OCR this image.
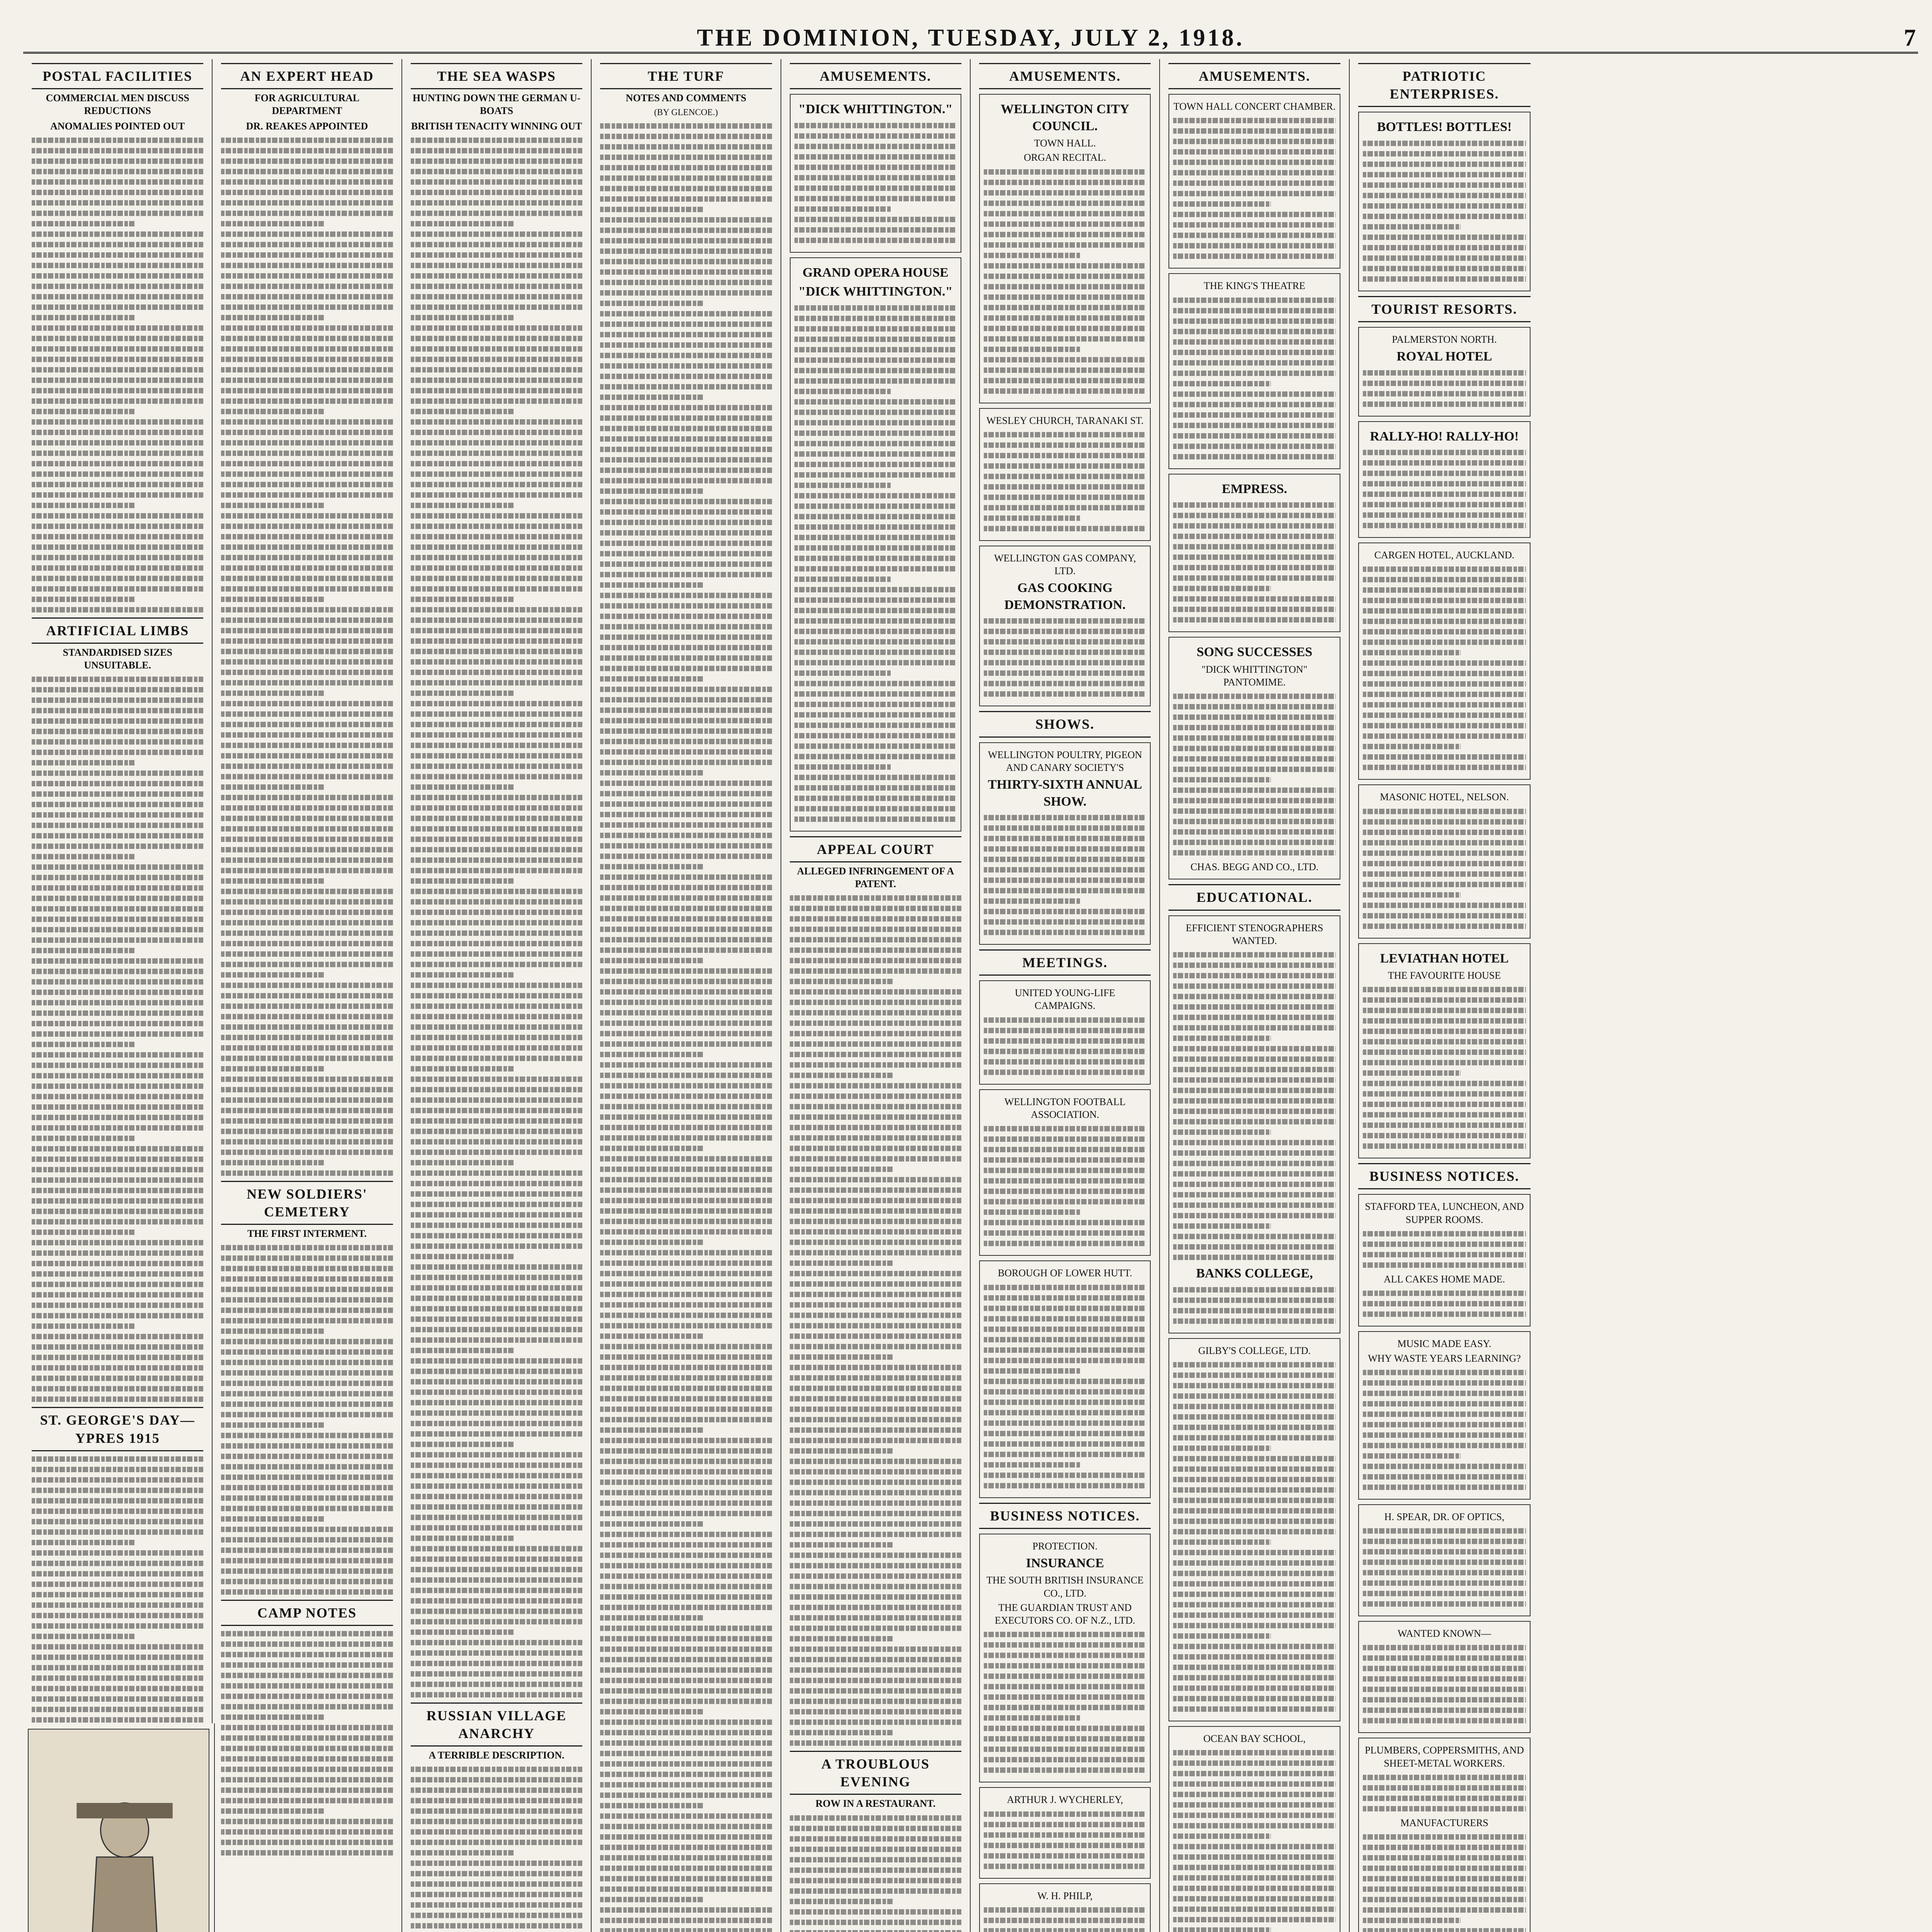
THE DOMINION, TUESDAY, JULY 2, 1918.	7
POSTAL FACILITIES
COMMERCIAL MEN DISCUSS REDUCTIONS
ANOMALIES POINTED OUT
ARTIFICIAL LIMBS
STANDARDISED SIZES UNSUITABLE.
ST. GEORGE'S DAY—YPRES 1915
AN EXPERT HEAD
FOR AGRICULTURAL DEPARTMENT
DR. REAKES APPOINTED
NEW SOLDIERS' CEMETERY
THE FIRST INTERMENT.
CAMP NOTES
THE SEA WASPS
HUNTING DOWN THE GERMAN U-BOATS
BRITISH TENACITY WINNING OUT
RUSSIAN VILLAGE ANARCHY
A TERRIBLE DESCRIPTION.
THE TURF
NOTES AND COMMENTS
(BY GLENCOE.)
AMUSEMENTS.
"DICK WHITTINGTON."
GRAND OPERA HOUSE
"DICK WHITTINGTON."
APPEAL COURT
ALLEGED INFRINGEMENT OF A PATENT.
A TROUBLOUS EVENING
ROW IN A RESTAURANT.
AMUSEMENTS.
WELLINGTON CITY COUNCIL.
TOWN HALL.
ORGAN RECITAL.
WESLEY CHURCH, TARANAKI ST.
WELLINGTON GAS COMPANY, LTD.
GAS COOKING DEMONSTRATION.
SHOWS.
WELLINGTON POULTRY, PIGEON AND CANARY SOCIETY'S
THIRTY-SIXTH ANNUAL SHOW.
MEETINGS.
UNITED YOUNG-LIFE CAMPAIGNS.
WELLINGTON FOOTBALL ASSOCIATION.
BOROUGH OF LOWER HUTT.
BUSINESS NOTICES.
PROTECTION.
INSURANCE
THE SOUTH BRITISH INSURANCE CO., LTD.
THE GUARDIAN TRUST AND EXECUTORS CO. OF N.Z., LTD.
ARTHUR J. WYCHERLEY,
W. H. PHILP,
AMUSEMENTS.
TOWN HALL CONCERT CHAMBER.
THE KING'S THEATRE
EMPRESS.
SONG SUCCESSES
"DICK WHITTINGTON" PANTOMIME.
CHAS. BEGG AND CO., LTD.
EDUCATIONAL.
EFFICIENT STENOGRAPHERS WANTED.
BANKS COLLEGE,
GILBY'S COLLEGE, LTD.
OCEAN BAY SCHOOL,
PATRIOTIC ENTERPRISES.
BOTTLES! BOTTLES!
TOURIST RESORTS.
PALMERSTON NORTH.
ROYAL HOTEL
RALLY-HO! RALLY-HO!
CARGEN HOTEL, AUCKLAND.
MASONIC HOTEL, NELSON.
LEVIATHAN HOTEL
THE FAVOURITE HOUSE
BUSINESS NOTICES.
STAFFORD TEA, LUNCHEON, AND SUPPER ROOMS.
ALL CAKES HOME MADE.
MUSIC MADE EASY.
WHY WASTE YEARS LEARNING?
H. SPEAR, DR. OF OPTICS,
WANTED KNOWN—
PLUMBERS, COPPERSMITHS, AND SHEET-METAL WORKERS.
MANUFACTURERS
